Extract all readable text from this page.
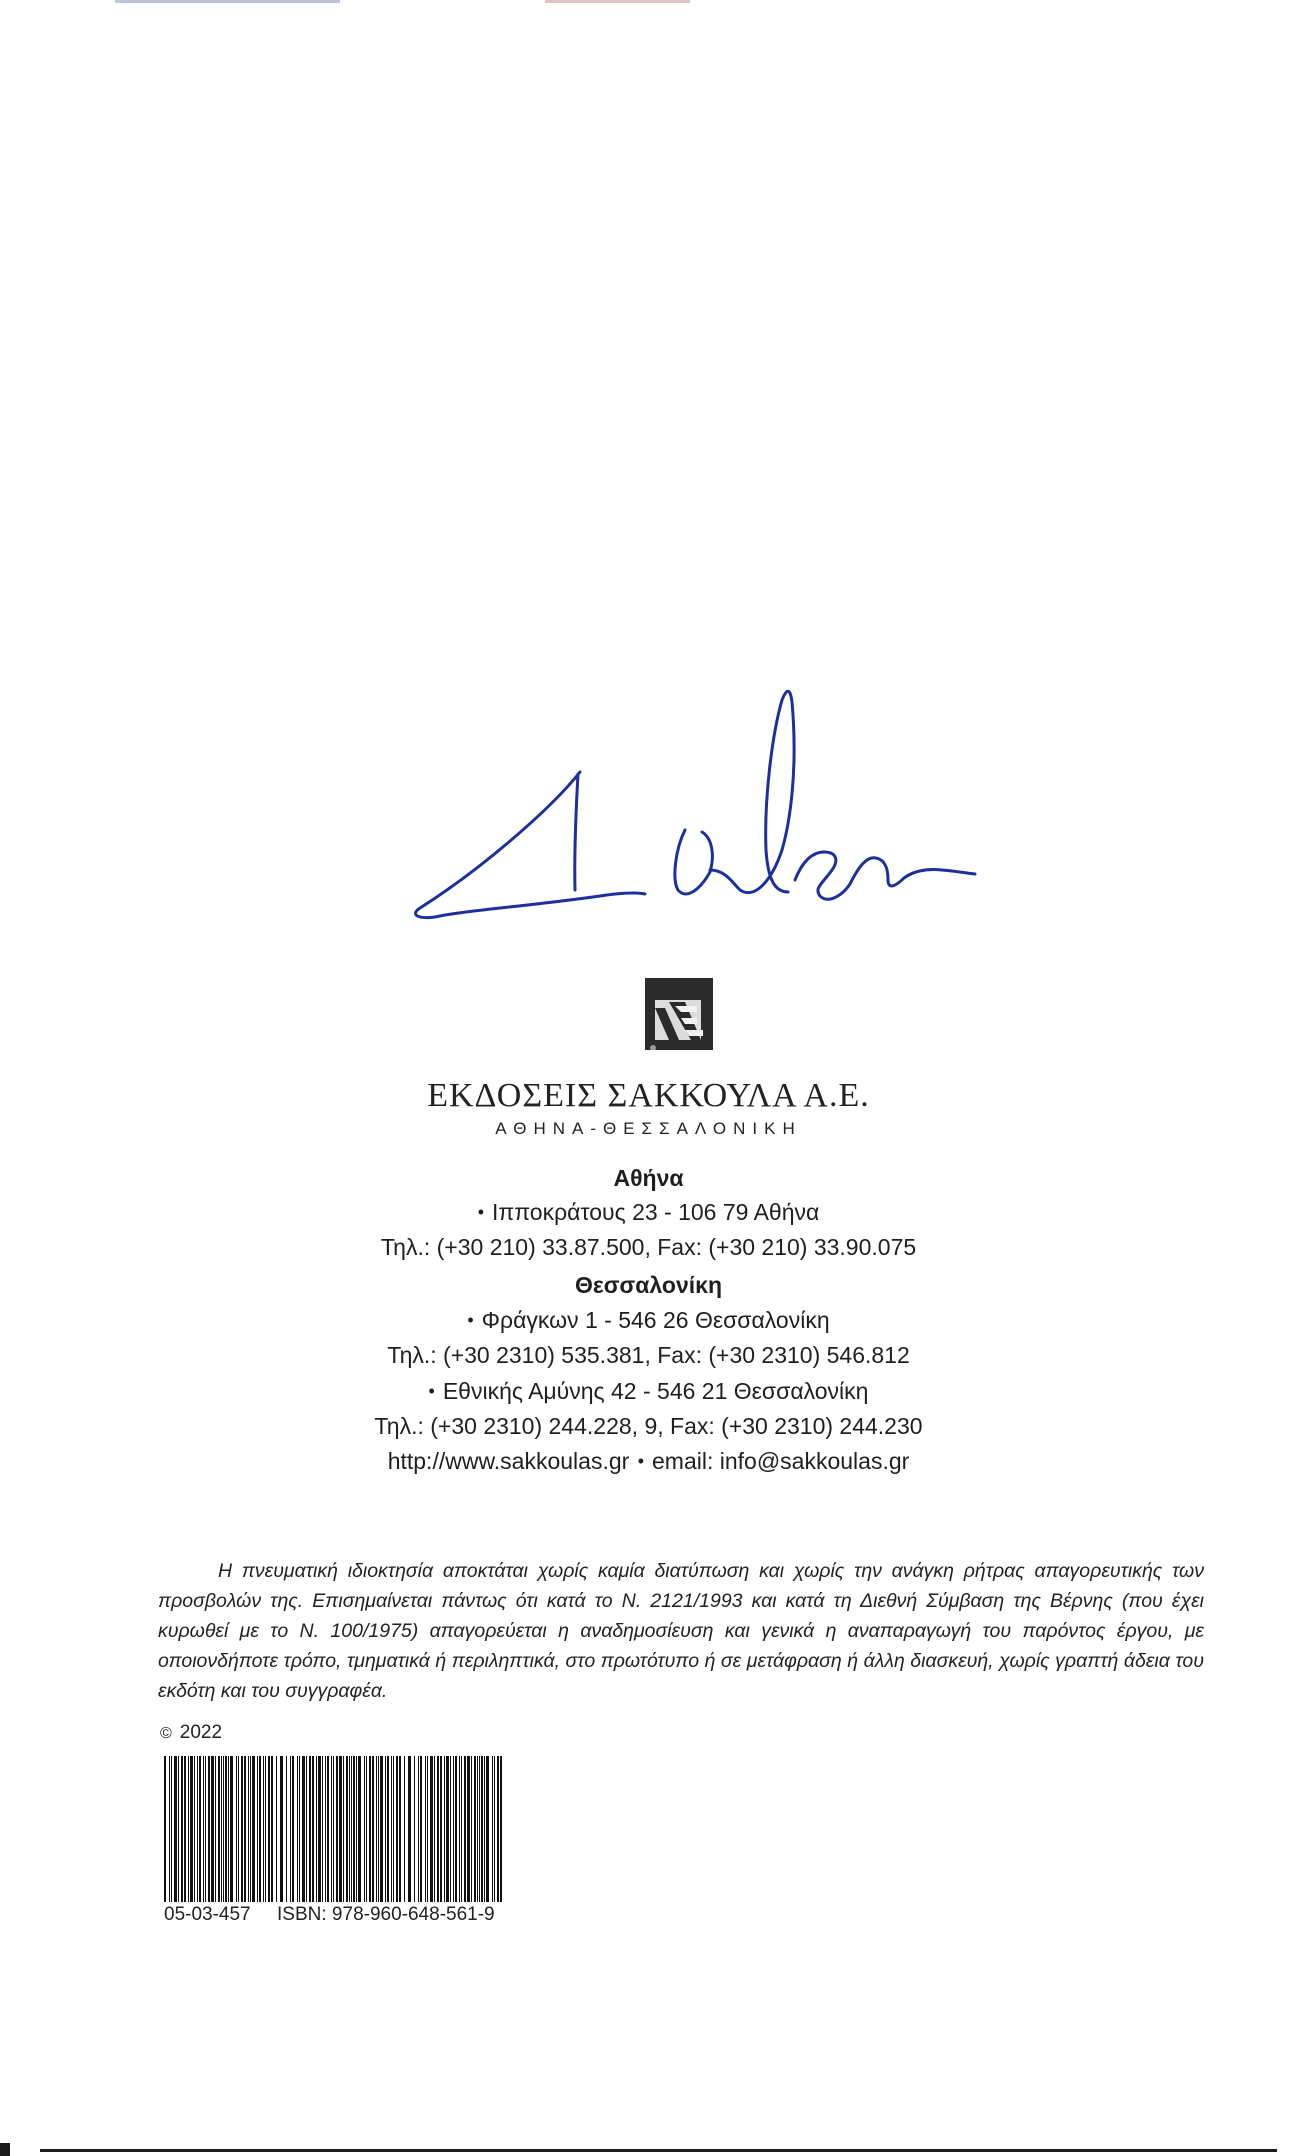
ΕΚΔΟΣΕΙΣ ΣΑΚΚΟΥΛΑ Α.Ε.
ΑΘΗΝΑ-ΘΕΣΣΑΛΟΝΙΚΗ
Αθήνα
• Ιπποκράτους 23 - 106 79 Αθήνα
Τηλ.: (+30 210) 33.87.500, Fax: (+30 210) 33.90.075
Θεσσαλονίκη
• Φράγκων 1 - 546 26 Θεσσαλονίκη
Τηλ.: (+30 2310) 535.381, Fax: (+30 2310) 546.812
• Εθνικής Αμύνης 42 - 546 21 Θεσσαλονίκη
Τηλ.: (+30 2310) 244.228, 9, Fax: (+30 2310) 244.230
http://www.sakkoulas.gr • email: info@sakkoulas.gr
Η πνευματική ιδιοκτησία αποκτάται χωρίς καμία διατύπωση και χωρίς την ανάγκη ρήτρας απαγορευτικής των προσβολών της. Επισημαίνεται πάντως ότι κατά το Ν. 2121/1993 και κατά τη Διεθνή Σύμβαση της Βέρνης (που έχει κυρωθεί με το Ν. 100/1975) απαγορεύεται η αναδημοσίευση και γενικά η αναπαραγωγή του παρόντος έργου, με οποιονδήποτε τρόπο, τμηματικά ή περιληπτικά, στο πρωτότυπο ή σε μετάφραση ή άλλη διασκευή, χωρίς γραπτή άδεια του εκδότη και του συγγραφέα.
© 2022
05-03-457 ISBN: 978-960-648-561-9
